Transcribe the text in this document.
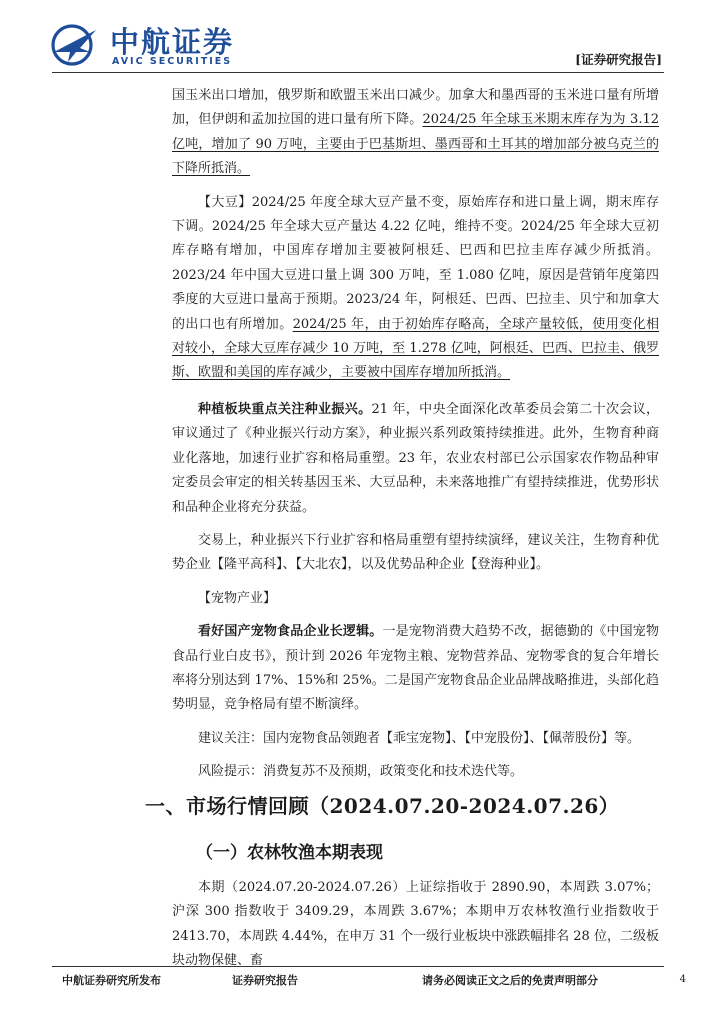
AVIC 中航证券
AVIC SECURITIES	[证券研究报告]

国玉米出口增加，俄罗斯和欧盟玉米出口减少。加拿大和墨西哥的玉米进口量有所增加，但伊朗和孟加拉国的进口量有所下降。2024/25 年全球玉米期末库存为为 3.12 亿吨，增加了 90 万吨，主要由于巴基斯坦、墨西哥和土耳其的增加部分被乌克兰的下降所抵消。

【大豆】2024/25 年度全球大豆产量不变，原始库存和进口量上调，期末库存下调。2024/25 年全球大豆产量达 4.22 亿吨，维持不变。2024/25 年全球大豆初库存略有增加，中国库存增加主要被阿根廷、巴西和巴拉圭库存减少所抵消。2023/24 年中国大豆进口量上调 300 万吨，至 1.080 亿吨，原因是营销年度第四季度的大豆进口量高于预期。2023/24 年，阿根廷、巴西、巴拉圭、贝宁和加拿大的出口也有所增加。2024/25 年，由于初始库存略高，全球产量较低，使用变化相对较小，全球大豆库存减少 10 万吨，至 1.278 亿吨，阿根廷、巴西、巴拉圭、俄罗斯、欧盟和美国的库存减少，主要被中国库存增加所抵消。

种植板块重点关注种业振兴。21 年，中央全面深化改革委员会第二十次会议，审议通过了《种业振兴行动方案》，种业振兴系列政策持续推进。此外，生物育种商业化落地，加速行业扩容和格局重塑。23 年，农业农村部已公示国家农作物品种审定委员会审定的相关转基因玉米、大豆品种，未来落地推广有望持续推进，优势形状和品种企业将充分获益。

交易上，种业振兴下行业扩容和格局重塑有望持续演绎，建议关注，生物育种优势企业【隆平高科】、【大北农】，以及优势品种企业【登海种业】。

【宠物产业】

看好国产宠物食品企业长逻辑。一是宠物消费大趋势不改，据德勤的《中国宠物食品行业白皮书》，预计到 2026 年宠物主粮、宠物营养品、宠物零食的复合年增长率将分别达到 17%、15%和 25%。二是国产宠物食品企业品牌战略推进，头部化趋势明显，竞争格局有望不断演绎。

建议关注：国内宠物食品领跑者【乖宝宠物】、【中宠股份】、【佩蒂股份】等。

风险提示：消费复苏不及预期，政策变化和技术迭代等。

一、市场行情回顾（2024.07.20-2024.07.26）
（一）农林牧渔本期表现

本期（2024.07.20-2024.07.26）上证综指收于 2890.90，本周跌 3.07%；沪深 300 指数收于 3409.29，本周跌 3.67%；本期申万农林牧渔行业指数收于 2413.70，本周跌 4.44%，在申万 31 个一级行业板块中涨跌幅排名 28 位，二级板块动物保健、畜

中航证券研究所发布	证券研究报告	请务必阅读正文之后的免责声明部分	4
